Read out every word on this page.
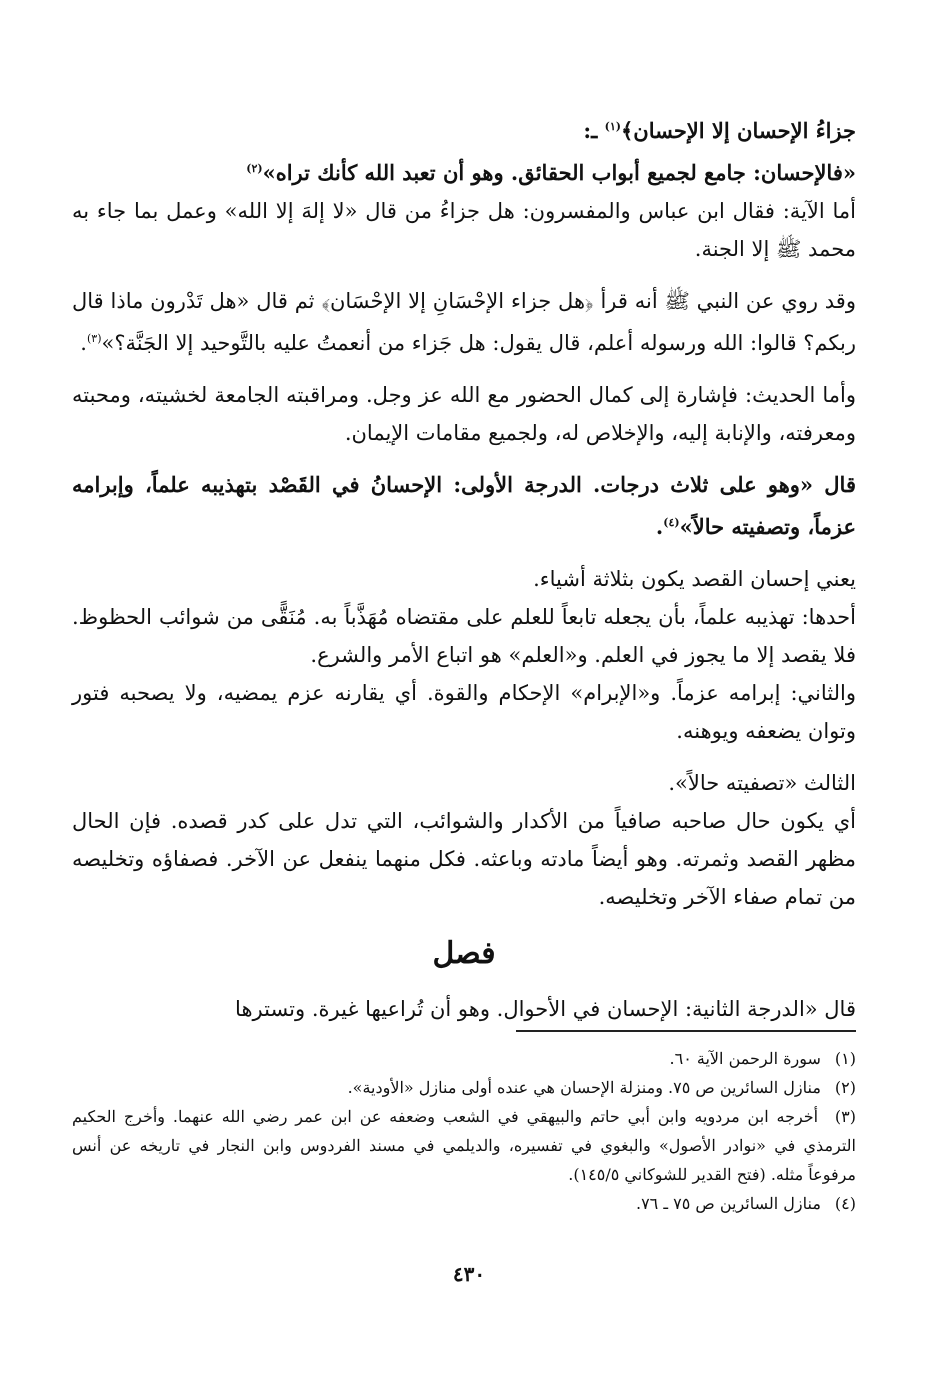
جزاءُ الإحسان إلا الإحسان﴾$^{(١)}$ ـ:

«فالإحسان: جامع لجميع أبواب الحقائق. وهو أن تعبد الله كأنك تراه»$^{(٢)}$

أما الآية: فقال ابن عباس والمفسرون: هل جزاءُ من قال «لا إلهَ إلا الله» وعمل بما جاء به محمد ﷺ إلا الجنة.

وقد روي عن النبي ﷺ أنه قرأ ﴿هل جزاء الإحْسَانِ إلا الإحْسَان﴾ ثم قال «هل تَدْرون ماذا قال ربكم؟ قالوا: الله ورسوله أعلم، قال يقول: هل جَزاء من أنعمتُ عليه بالتَّوحيد إلا الجَنَّة؟»$^{(٣)}$.

وأما الحديث: فإشارة إلى كمال الحضور مع الله عز وجل. ومراقبته الجامعة لخشيته، ومحبته ومعرفته، والإنابة إليه، والإخلاص له، ولجميع مقامات الإيمان.

قال «وهو على ثلاث درجات. الدرجة الأولى: الإحسانُ في القَصْد بتهذيبه علماً، وإبرامه عزماً، وتصفيته حالاً»$^{(٤)}$.

يعني إحسان القصد يكون بثلاثة أشياء.

أحدها: تهذيبه علماً، بأن يجعله تابعاً للعلم على مقتضاه مُهَذَّباً به. مُنَقًّى من شوائب الحظوظ. فلا يقصد إلا ما يجوز في العلم. و«العلم» هو اتباع الأمر والشرع.

والثاني: إبرامه عزماً. و«الإبرام» الإحكام والقوة. أي يقارنه عزم يمضيه، ولا يصحبه فتور وتوان يضعفه ويوهنه.

الثالث «تصفيته حالاً».

أي يكون حال صاحبه صافياً من الأكدار والشوائب، التي تدل على كدر قصده. فإن الحال مظهر القصد وثمرته. وهو أيضاً مادته وباعثه. فكل منهما ينفعل عن الآخر. فصفاؤه وتخليصه من تمام صفاء الآخر وتخليصه.

فصل

قال «الدرجة الثانية: الإحسان في الأحوال. وهو أن تُراعيها غيرة. وتسترها

(١) سورة الرحمن الآية ٦٠.

(٢) منازل السائرين ص ٧٥. ومنزلة الإحسان هي عنده أولى منازل «الأودية».

(٣) أخرجه ابن مردويه وابن أبي حاتم والبيهقي في الشعب وضعفه عن ابن عمر رضي الله عنهما. وأخرج الحكيم الترمذي في «نوادر الأصول» والبغوي في تفسيره، والديلمي في مسند الفردوس وابن النجار في تاريخه عن أنس مرفوعاً مثله. (فتح القدير للشوكاني ١٤٥/٥).

(٤) منازل السائرين ص ٧٥ ـ ٧٦.

٤٣٠
